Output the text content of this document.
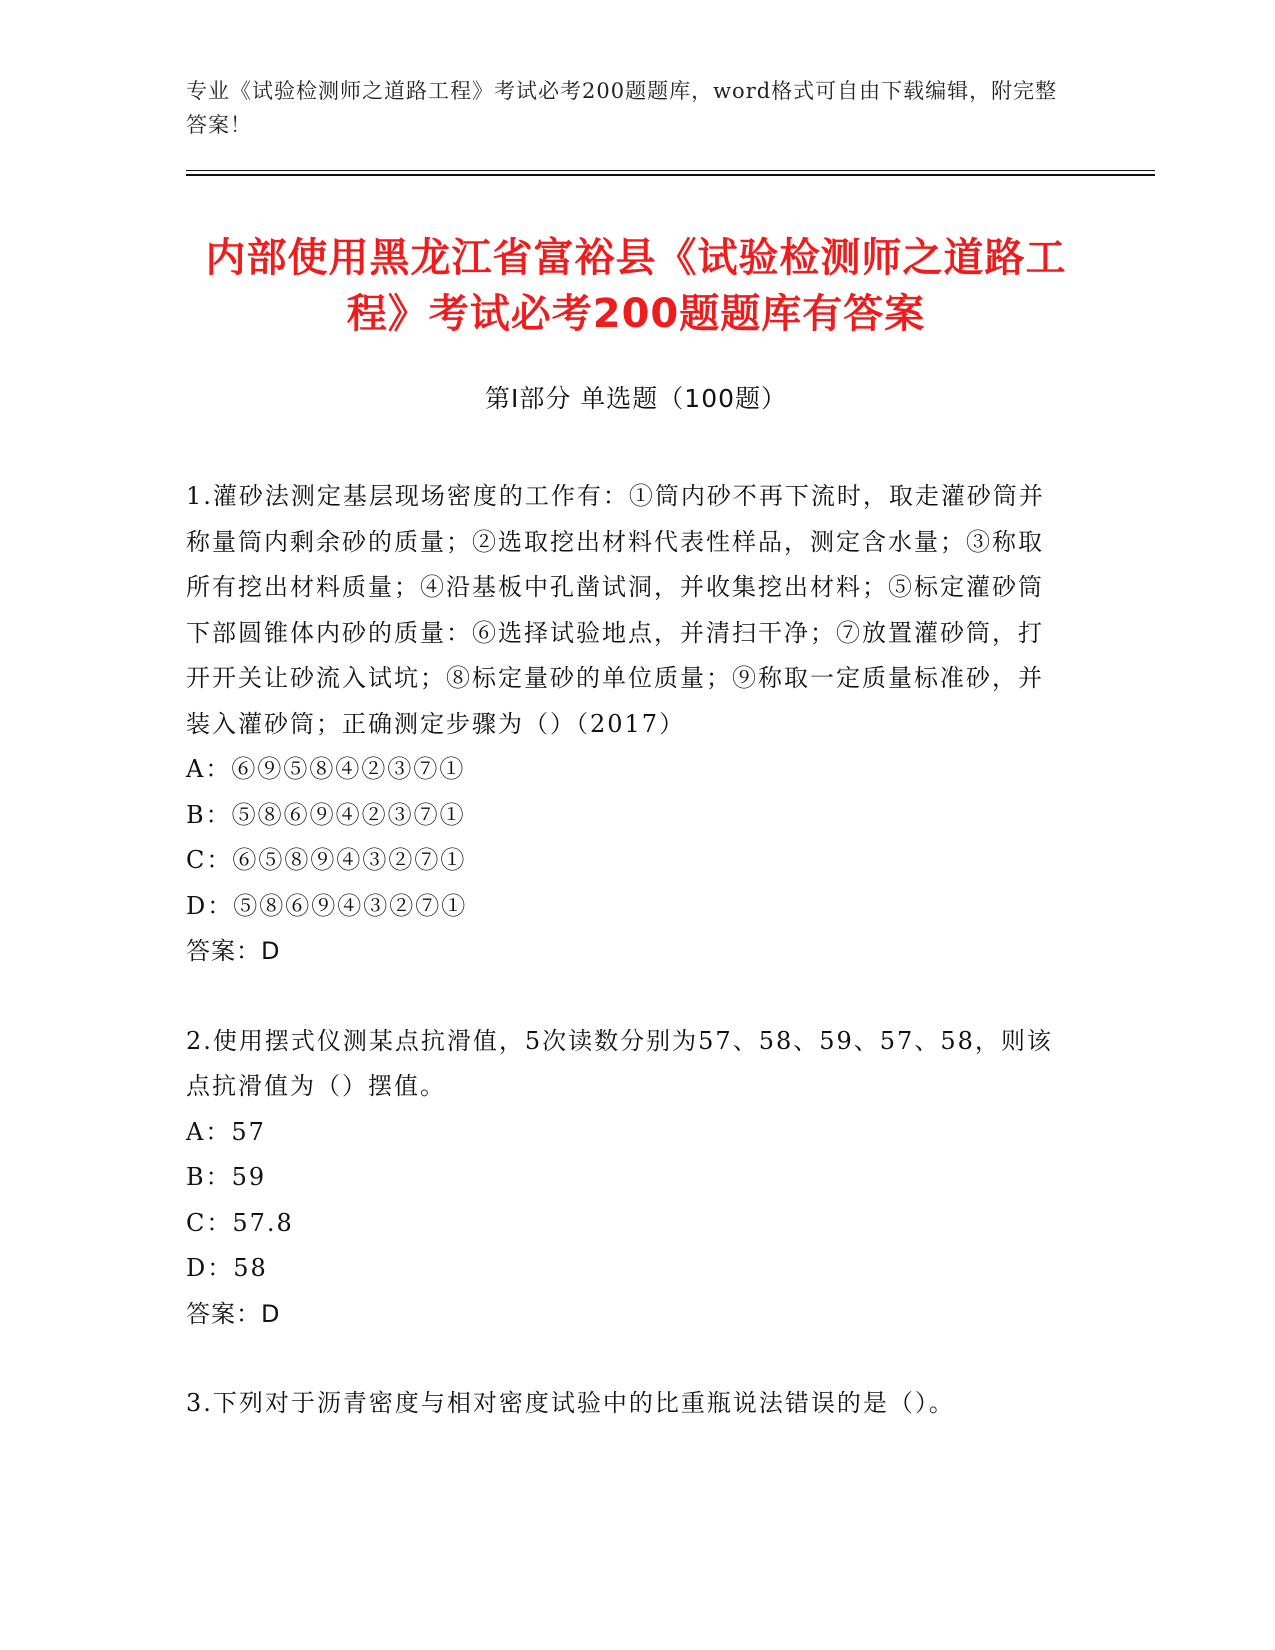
专业《试验检测师之道路工程》考试必考200题题库，word格式可自由下载编辑，附完整答案！
内部使用黑龙江省富裕县《试验检测师之道路工程》考试必考200题题库有答案
第I部分 单选题（100题）
1.灌砂法测定基层现场密度的工作有：①筒内砂不再下流时，取走灌砂筒并称量筒内剩余砂的质量；②选取挖出材料代表性样品，测定含水量；③称取所有挖出材料质量；④沿基板中孔凿试洞，并收集挖出材料；⑤标定灌砂筒下部圆锥体内砂的质量：⑥选择试验地点，并清扫干净；⑦放置灌砂筒，打开开关让砂流入试坑；⑧标定量砂的单位质量；⑨称取一定质量标准砂，并装入灌砂筒；正确测定步骤为（）（2017）
A：⑥⑨⑤⑧④②③⑦①
B：⑤⑧⑥⑨④②③⑦①
C：⑥⑤⑧⑨④③②⑦①
D：⑤⑧⑥⑨④③②⑦①
答案：D
2.使用摆式仪测某点抗滑值，5次读数分别为57、58、59、57、58，则该点抗滑值为（）摆值。
A：57
B：59
C：57.8
D：58
答案：D
3.下列对于沥青密度与相对密度试验中的比重瓶说法错误的是（）。
